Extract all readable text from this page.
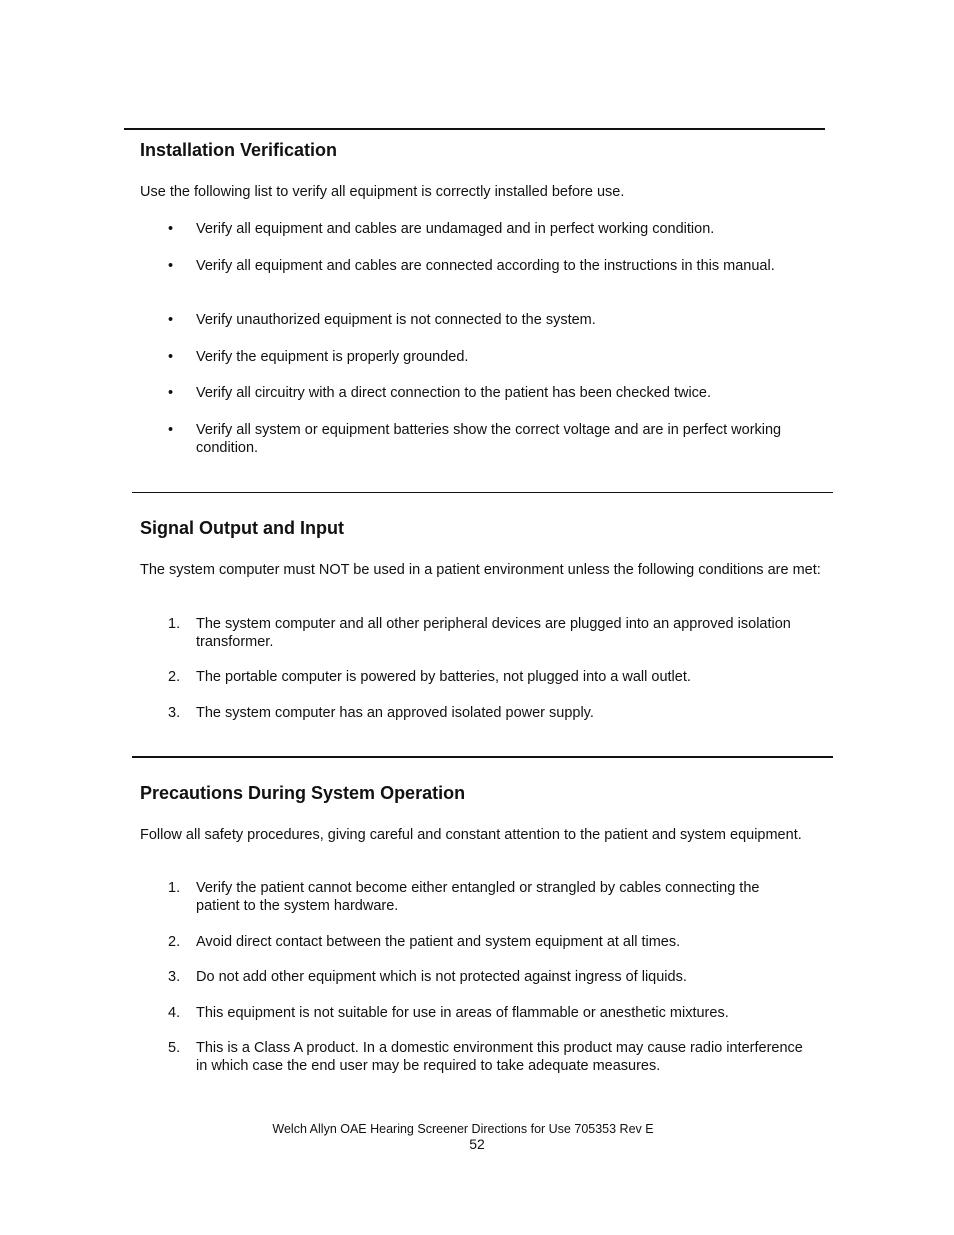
Installation Verification

Use the following list to verify all equipment is correctly installed before use.

• Verify all equipment and cables are undamaged and in perfect working condition.
• Verify all equipment and cables are connected according to the instructions in this manual.
• Verify unauthorized equipment is not connected to the system.
• Verify the equipment is properly grounded.
• Verify all circuitry with a direct connection to the patient has been checked twice.
• Verify all system or equipment batteries show the correct voltage and are in perfect working condition.
Signal Output and Input

The system computer must NOT be used in a patient environment unless the following conditions are met:

1. The system computer and all other peripheral devices are plugged into an approved isolation transformer.
2. The portable computer is powered by batteries, not plugged into a wall outlet.
3. The system computer has an approved isolated power supply.
Precautions During System Operation

Follow all safety procedures, giving careful and constant attention to the patient and system equipment.

1. Verify the patient cannot become either entangled or strangled by cables connecting the patient to the system hardware.
2. Avoid direct contact between the patient and system equipment at all times.
3. Do not add other equipment which is not protected against ingress of liquids.
4. This equipment is not suitable for use in areas of flammable or anesthetic mixtures.
5. This is a Class A product. In a domestic environment this product may cause radio interference in which case the end user may be required to take adequate measures.
Welch Allyn OAE Hearing Screener Directions for Use 705353 Rev E
52
